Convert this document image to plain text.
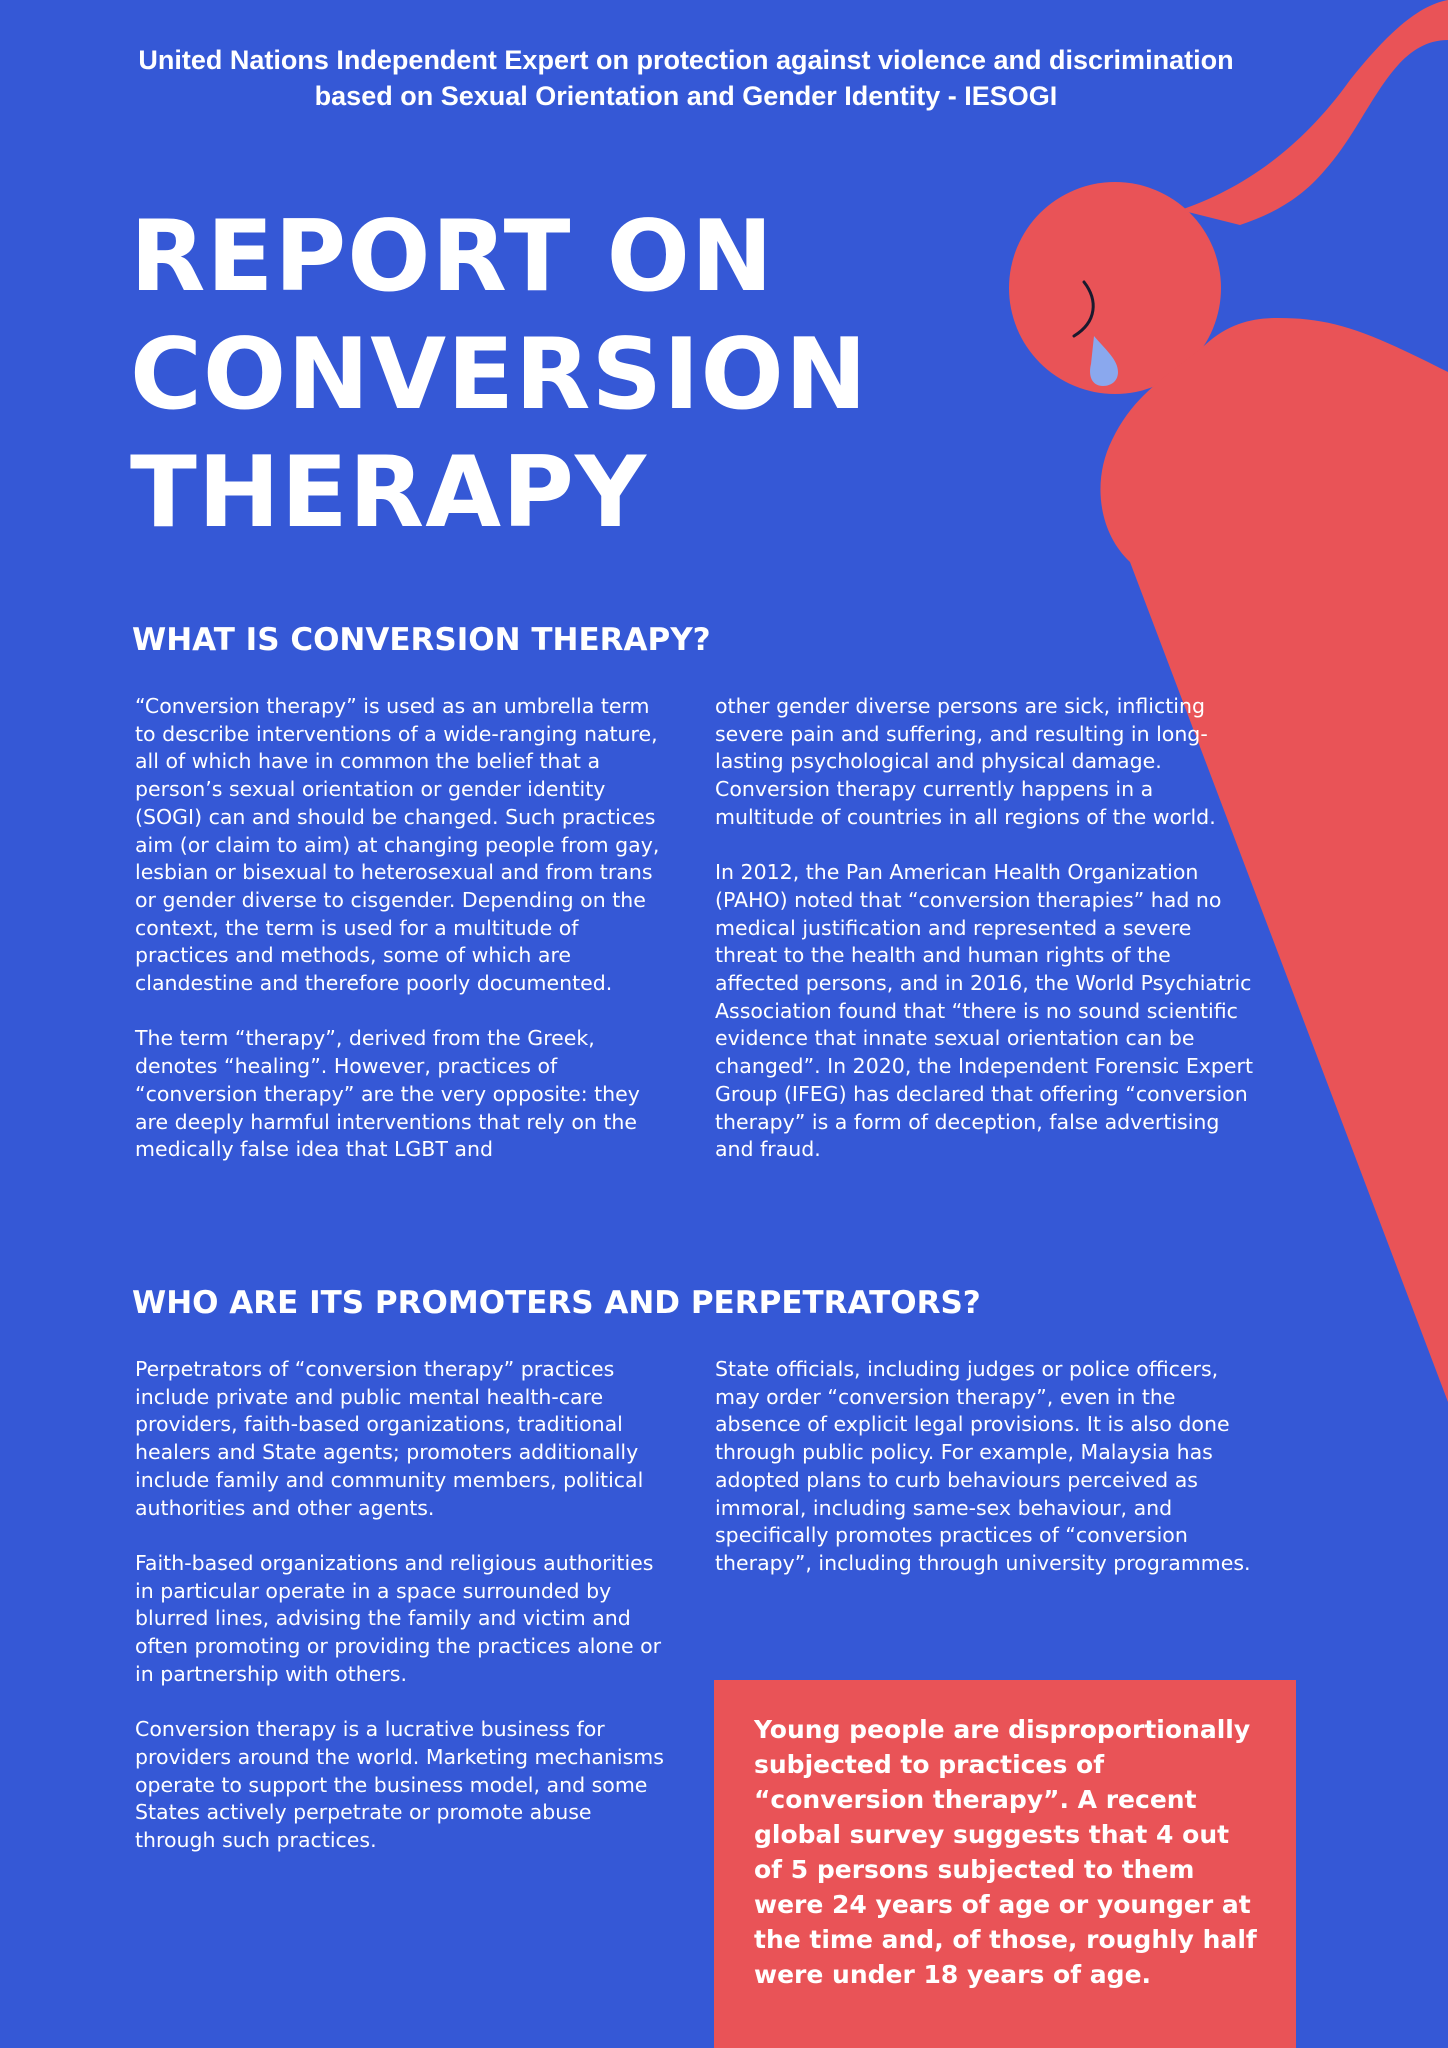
United Nations Independent Expert on protection against violence and discrimination
based on Sexual Orientation and Gender Identity - IESOGI
REPORT ON
CONVERSION
THERAPY
WHAT IS CONVERSION THERAPY?

“Conversion therapy” is used as an umbrella term to describe interventions of a wide-ranging nature, all of which have in common the belief that a person’s sexual orientation or gender identity (SOGI) can and should be changed. Such practices aim (or claim to aim) at changing people from gay, lesbian or bisexual to heterosexual and from trans or gender diverse to cisgender. Depending on the context, the term is used for a multitude of practices and methods, some of which are clandestine and therefore poorly documented.

The term “therapy”, derived from the Greek, denotes “healing”. However, practices of “conversion therapy” are the very opposite: they are deeply harmful interventions that rely on the medically false idea that LGBT and

other gender diverse persons are sick, inflicting severe pain and suffering, and resulting in long-lasting psychological and physical damage. Conversion therapy currently happens in a multitude of countries in all regions of the world.

In 2012, the Pan American Health Organization (PAHO) noted that “conversion therapies” had no medical justification and represented a severe threat to the health and human rights of the affected persons, and in 2016, the World Psychiatric Association found that “there is no sound scientific evidence that innate sexual orientation can be changed”. In 2020, the Independent Forensic Expert Group (IFEG) has declared that offering “conversion therapy” is a form of deception, false advertising and fraud.

WHO ARE ITS PROMOTERS AND PERPETRATORS?

Perpetrators of “conversion therapy” practices include private and public mental health-care providers, faith-based organizations, traditional healers and State agents; promoters additionally include family and community members, political authorities and other agents.

Faith-based organizations and religious authorities in particular operate in a space surrounded by blurred lines, advising the family and victim and often promoting or providing the practices alone or in partnership with others.

Conversion therapy is a lucrative business for providers around the world. Marketing mechanisms operate to support the business model, and some States actively perpetrate or promote abuse through such practices.

State officials, including judges or police officers, may order “conversion therapy”, even in the absence of explicit legal provisions. It is also done through public policy. For example, Malaysia has adopted plans to curb behaviours perceived as immoral, including same-sex behaviour, and specifically promotes practices of “conversion therapy”, including through university programmes.

Young people are disproportionally subjected to practices of “conversion therapy”. A recent global survey suggests that 4 out of 5 persons subjected to them were 24 years of age or younger at the time and, of those, roughly half were under 18 years of age.
